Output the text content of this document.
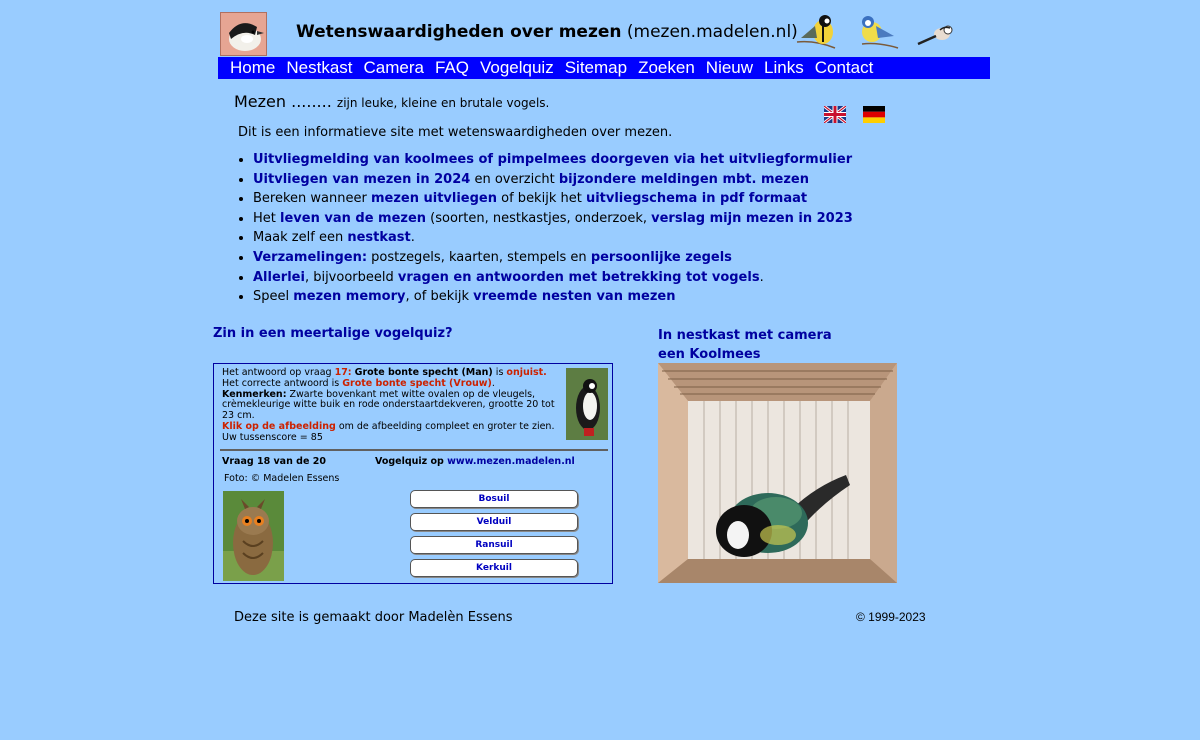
Wetenswaardigheden over mezen (mezen.madelen.nl)
Home Nestkast Camera FAQ Vogelquiz Sitemap Zoeken Nieuw Links Contact
Mezen ........ zijn leuke, kleine en brutale vogels.
Dit is een informatieve site met wetenswaardigheden over mezen.

• Uitvliegmelding van koolmees of pimpelmees doorgeven via het uitvliegformulier
• Uitvliegen van mezen in 2024 en overzicht bijzondere meldingen mbt. mezen
• Bereken wanneer mezen uitvliegen of bekijk het uitvliegschema in pdf formaat
• Het leven van de mezen (soorten, nestkastjes, onderzoek, verslag mijn mezen in 2023
• Maak zelf een nestkast.
• Verzamelingen: postzegels, kaarten, stempels en persoonlijke zegels
• Allerlei, bijvoorbeeld vragen en antwoorden met betrekking tot vogels.
• Speel mezen memory, of bekijk vreemde nesten van mezen
Zin in een meertalige vogelquiz?
Het antwoord op vraag 17: Grote bonte specht (Man) is onjuist.
Het correcte antwoord is Grote bonte specht (Vrouw).
Kenmerken: Zwarte bovenkant met witte ovalen op de vleugels, crèmekleurige witte buik en rode onderstaartdekveren, grootte 20 tot 23 cm.
Klik op de afbeelding om de afbeelding compleet en groter te zien.
Uw tussenscore = 85
Vraag 18 van de 20	Vogelquiz op www.mezen.madelen.nl
Foto: © Madelen Essens
Bosuil
Velduil
Ransuil
Kerkuil
In nestkast met camera
een Koolmees
Deze site is gemaakt door Madelèn Essens	© 1999-2023
